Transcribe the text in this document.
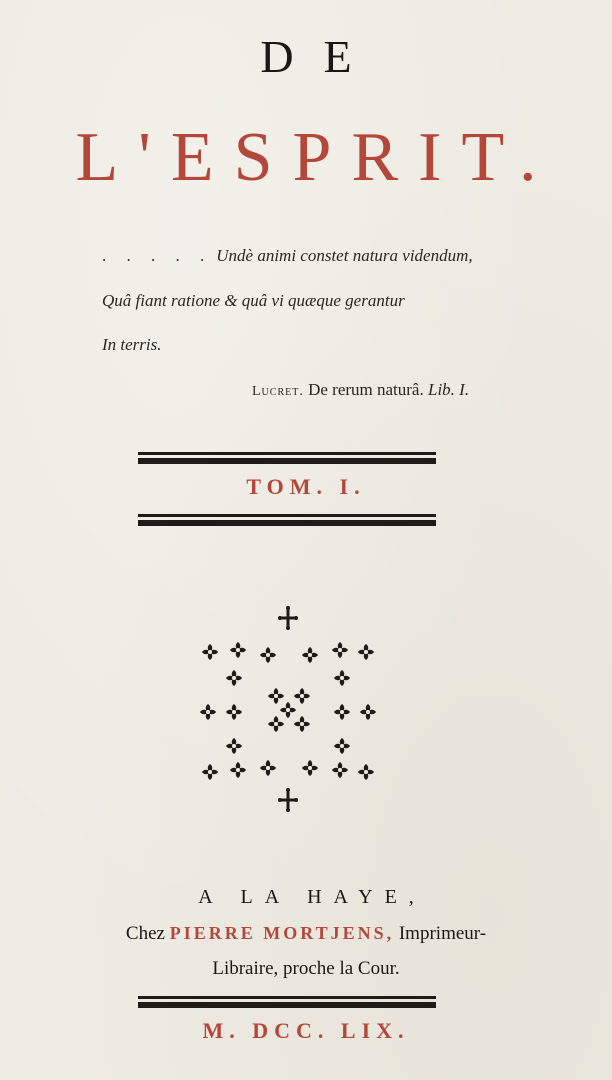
DE
L'ESPRIT.
. . . . . Undè animi constet natura videndum,
Quâ fiant ratione & quâ vi quæque gerantur
In terris.
Lucret. De rerum naturâ. Lib. I.
TOM. I.
A LA HAYE,
Chez PIERRE MORTJENS, Imprimeur-
Libraire, proche la Cour.
M. DCC. LIX.
